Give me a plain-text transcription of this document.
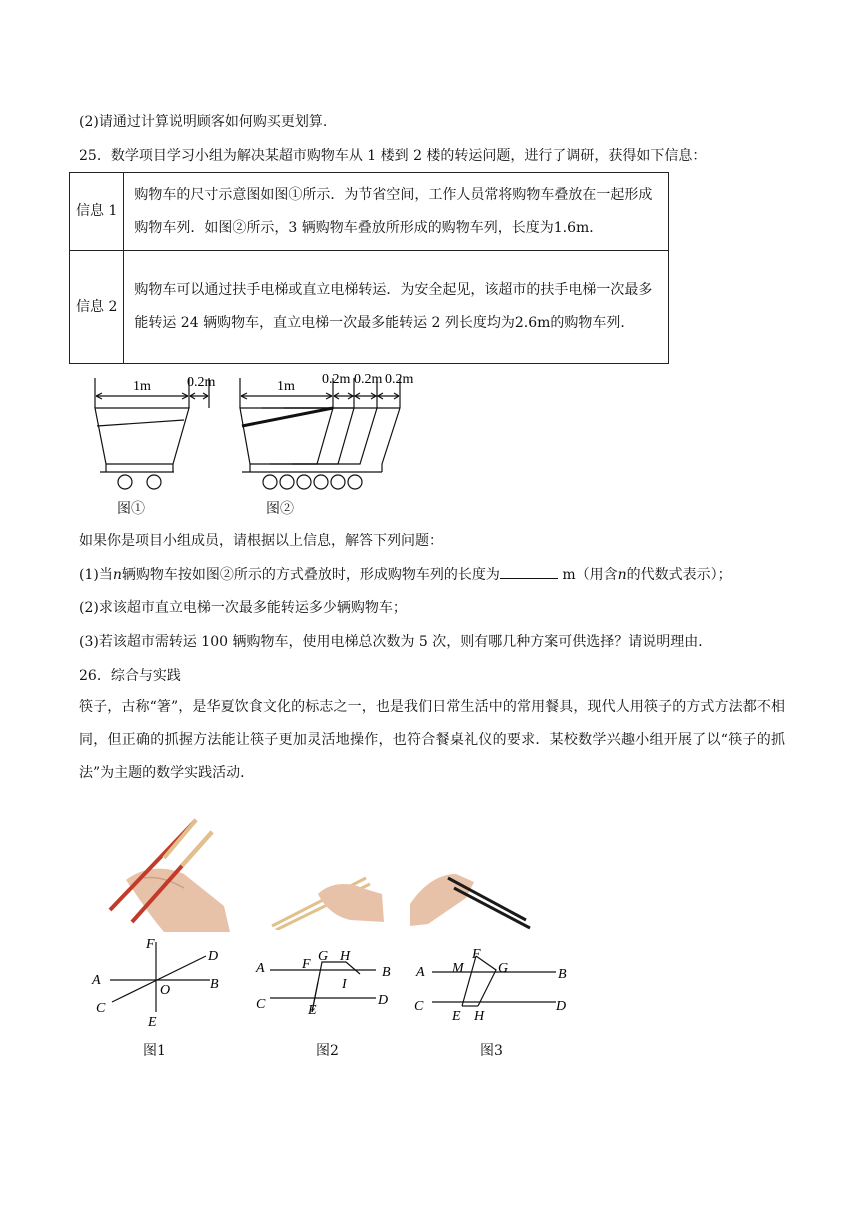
(2)请通过计算说明顾客如何购买更划算.
25．数学项目学习小组为解决某超市购物车从 1 楼到 2 楼的转运问题，进行了调研，获得如下信息：
信息 1	购物车的尺寸示意图如图①所示．为节省空间，工作人员常将购物车叠放在一起形成购物车列．如图②所示，3 辆购物车叠放所形成的购物车列，长度为1.6m．
信息 2	购物车可以通过扶手电梯或直立电梯转运．为安全起见，该超市的扶手电梯一次最多能转运 24 辆购物车，直立电梯一次最多能转运 2 列长度均为2.6m的购物车列．
1m	0.2m
图①
1m 0.2m 0.2m 0.2m
图②
如果你是项目小组成员，请根据以上信息，解答下列问题：
(1)当n辆购物车按如图②所示的方式叠放时，形成购物车列的长度为	m（用含n的代数式表示）；
(2)求该超市直立电梯一次最多能转运多少辆购物车；
(3)若该超市需转运 100 辆购物车，使用电梯总次数为 5 次，则有哪几种方案可供选择？请说明理由．
26．综合与实践
筷子，古称“箸”，是华夏饮食文化的标志之一，也是我们日常生活中的常用餐具，现代人用筷子的方式方法都不相同，但正确的抓握方法能让筷子更加灵活地操作，也符合餐桌礼仪的要求．某校数学兴趣小组开展了以“筷子的抓法”为主题的数学实践活动．
A	B
C
D
E
F
O
图1
A	B
C	D
E
F
G H
I
图2
A	B
C	D
E
F
G
H
M
图3
